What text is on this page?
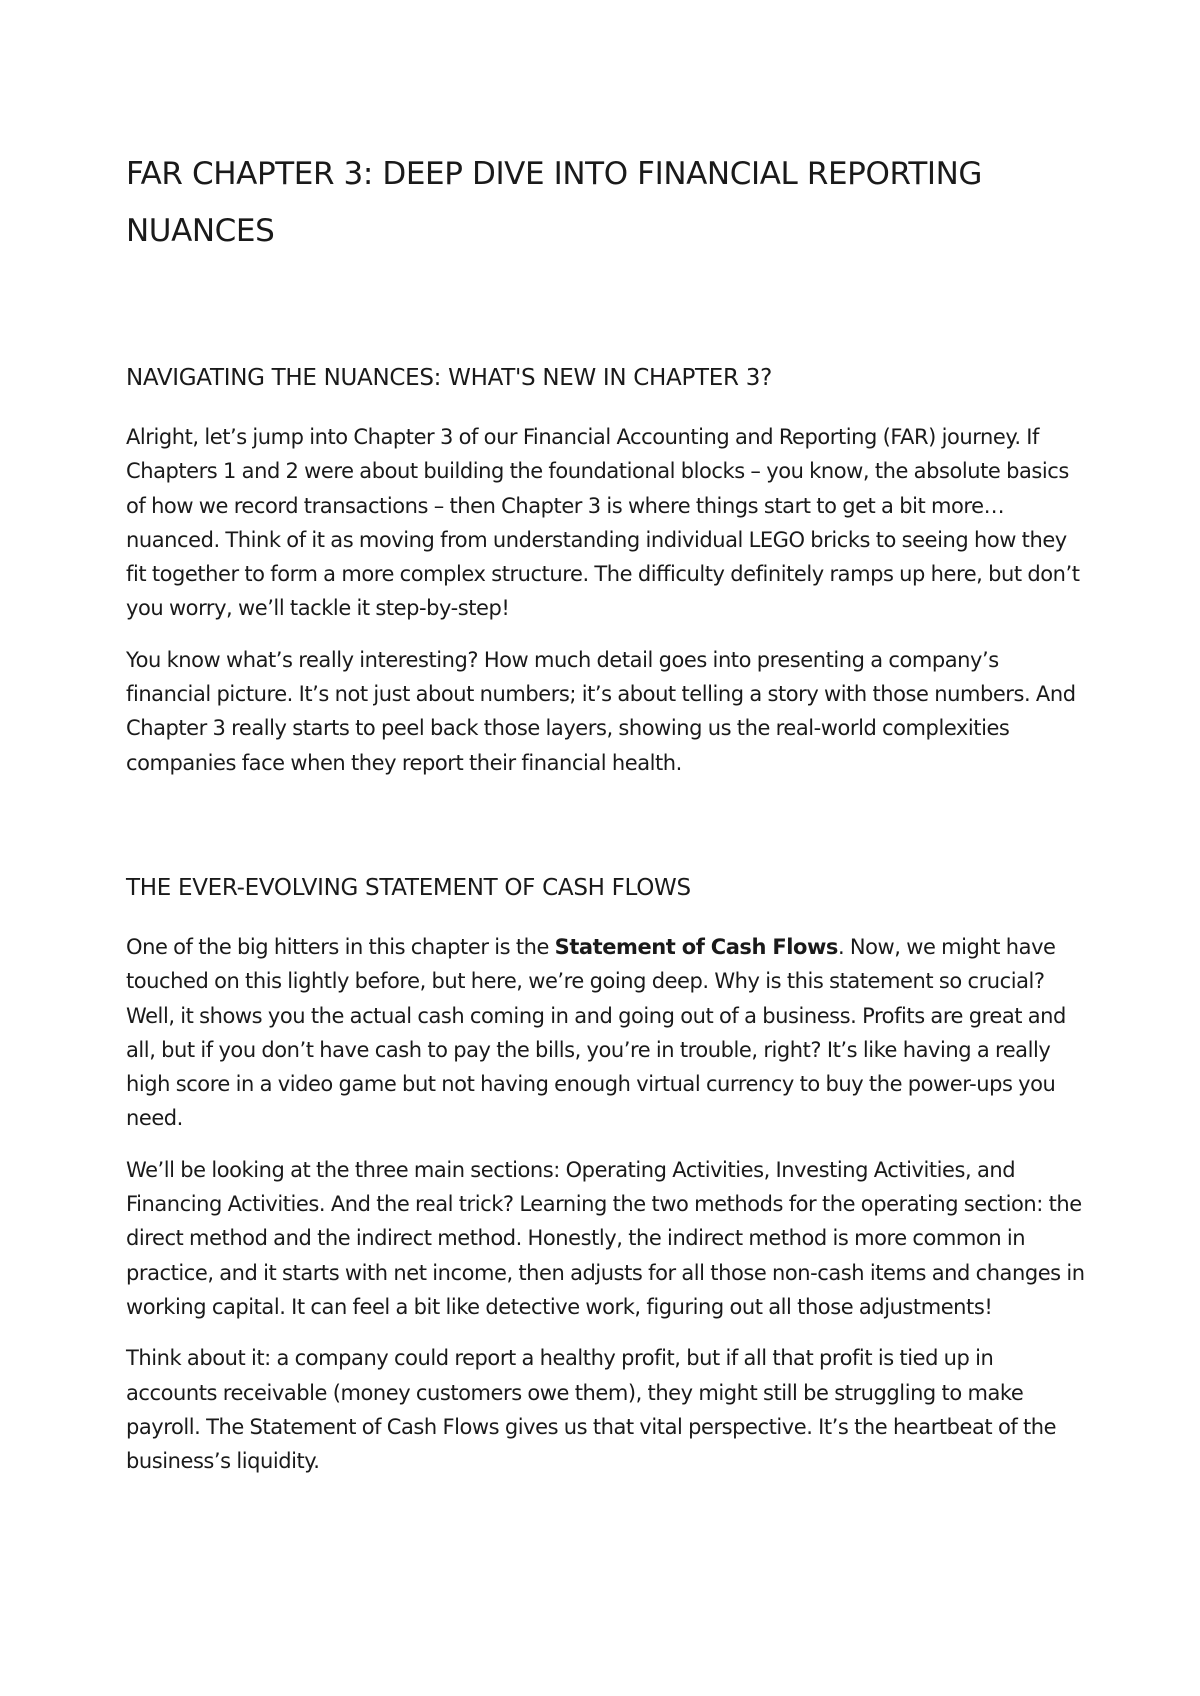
FAR CHAPTER 3: DEEP DIVE INTO FINANCIAL REPORTING NUANCES
NAVIGATING THE NUANCES: WHAT'S NEW IN CHAPTER 3?

Alright, let’s jump into Chapter 3 of our Financial Accounting and Reporting (FAR) journey. If Chapters 1 and 2 were about building the foundational blocks – you know, the absolute basics of how we record transactions – then Chapter 3 is where things start to get a bit more… nuanced. Think of it as moving from understanding individual LEGO bricks to seeing how they fit together to form a more complex structure. The difficulty definitely ramps up here, but don’t you worry, we’ll tackle it step-by-step!

You know what’s really interesting? How much detail goes into presenting a company’s financial picture. It’s not just about numbers; it’s about telling a story with those numbers. And Chapter 3 really starts to peel back those layers, showing us the real-world complexities companies face when they report their financial health.

THE EVER-EVOLVING STATEMENT OF CASH FLOWS

One of the big hitters in this chapter is the Statement of Cash Flows. Now, we might have touched on this lightly before, but here, we’re going deep. Why is this statement so crucial? Well, it shows you the actual cash coming in and going out of a business. Profits are great and all, but if you don’t have cash to pay the bills, you’re in trouble, right? It’s like having a really high score in a video game but not having enough virtual currency to buy the power-ups you need.

We’ll be looking at the three main sections: Operating Activities, Investing Activities, and Financing Activities. And the real trick? Learning the two methods for the operating section: the direct method and the indirect method. Honestly, the indirect method is more common in practice, and it starts with net income, then adjusts for all those non-cash items and changes in working capital. It can feel a bit like detective work, figuring out all those adjustments!

Think about it: a company could report a healthy profit, but if all that profit is tied up in accounts receivable (money customers owe them), they might still be struggling to make payroll. The Statement of Cash Flows gives us that vital perspective. It’s the heartbeat of the business’s liquidity.
